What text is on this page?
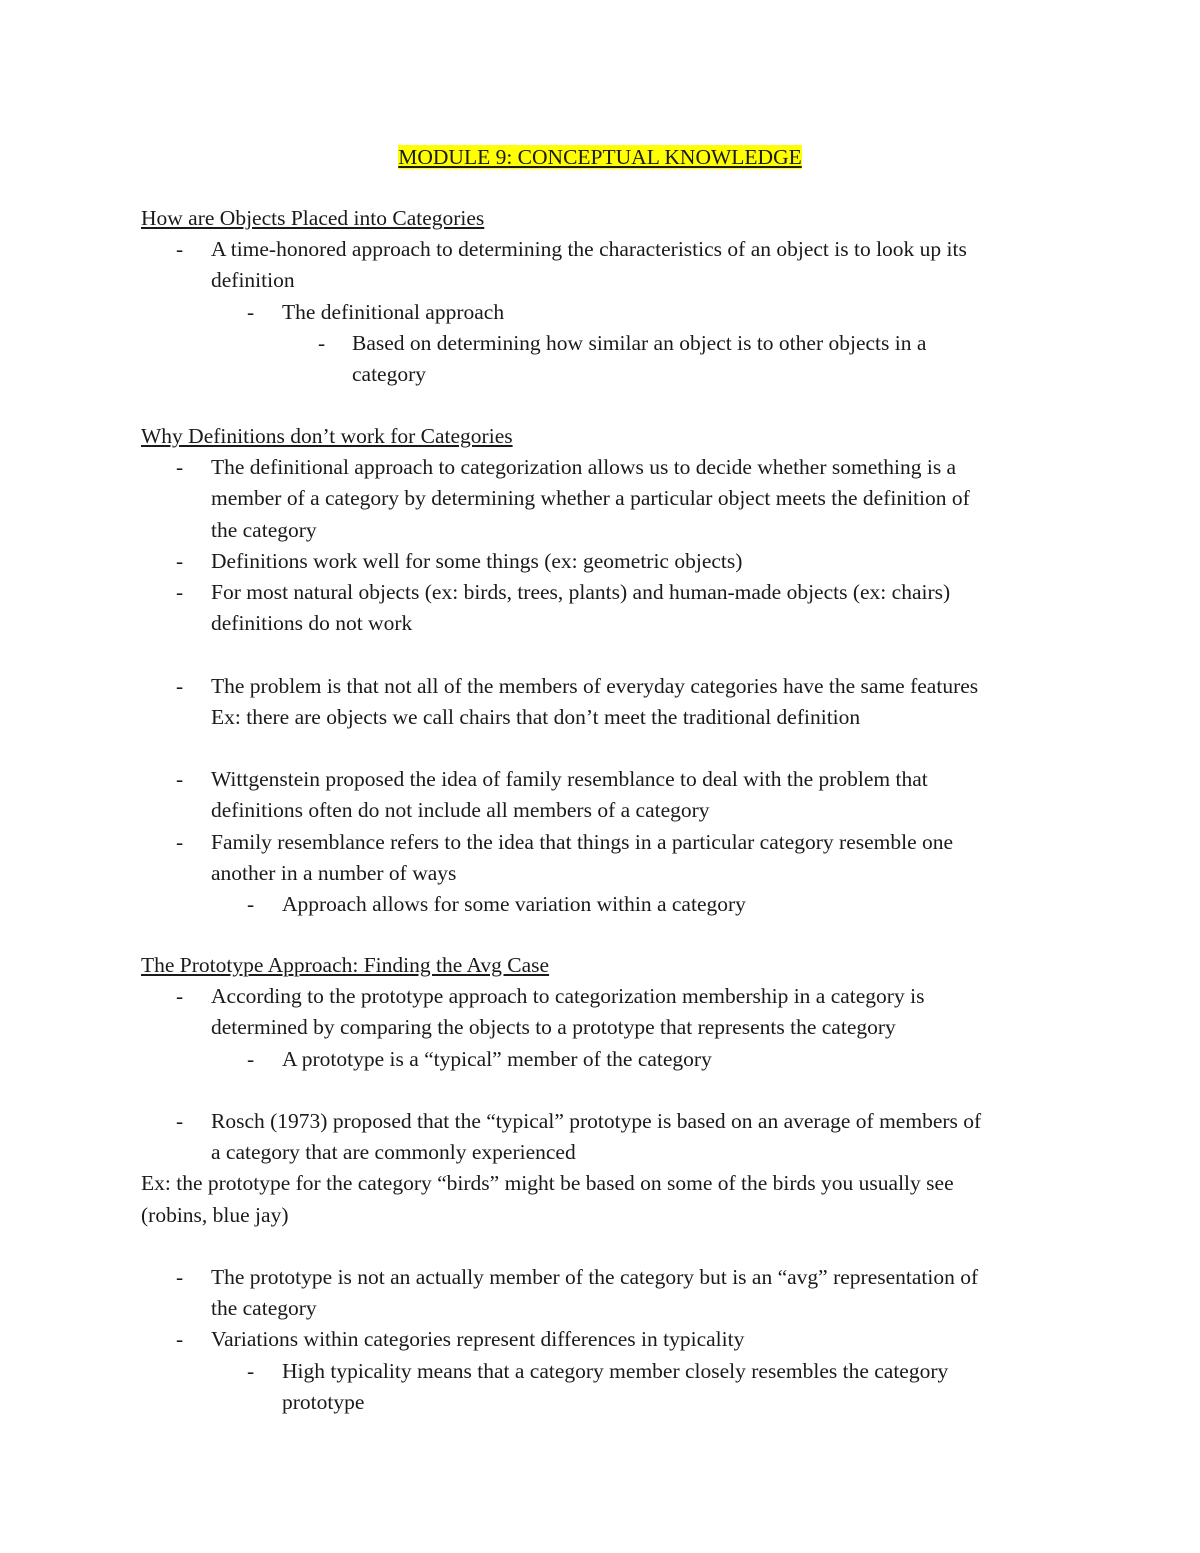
MODULE 9: CONCEPTUAL KNOWLEDGE
How are Objects Placed into Categories
- A time-honored approach to determining the characteristics of an object is to look up its
definition
- The definitional approach
- Based on determining how similar an object is to other objects in a
category
Why Definitions don’t work for Categories
- The definitional approach to categorization allows us to decide whether something is a
member of a category by determining whether a particular object meets the definition of
the category
- Definitions work well for some things (ex: geometric objects)
- For most natural objects (ex: birds, trees, plants) and human-made objects (ex: chairs)
definitions do not work
- The problem is that not all of the members of everyday categories have the same features
Ex: there are objects we call chairs that don’t meet the traditional definition
- Wittgenstein proposed the idea of family resemblance to deal with the problem that
definitions often do not include all members of a category
- Family resemblance refers to the idea that things in a particular category resemble one
another in a number of ways
- Approach allows for some variation within a category
The Prototype Approach: Finding the Avg Case
- According to the prototype approach to categorization membership in a category is
determined by comparing the objects to a prototype that represents the category
- A prototype is a “typical” member of the category
- Rosch (1973) proposed that the “typical” prototype is based on an average of members of
a category that are commonly experienced
Ex: the prototype for the category “birds” might be based on some of the birds you usually see
(robins, blue jay)
- The prototype is not an actually member of the category but is an “avg” representation of
the category
- Variations within categories represent differences in typicality
- High typicality means that a category member closely resembles the category
prototype
